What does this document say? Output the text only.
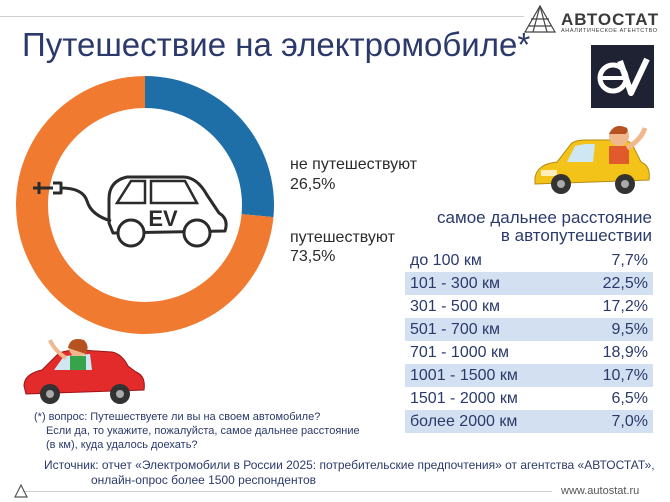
АВТОСТАТ
АНАЛИТИЧЕСКОЕ АГЕНТСТВО
Путешествие на электромобиле*
EV
не путешествуют
26,5%
путешествуют
73,5%
самое дальнее расстояние
в автопутешествии
до 100 км	7,7%
101 - 300 км	22,5%
301 - 500 км	17,2%
501 - 700 км	9,5%
701 - 1000 км	18,9%
1001 - 1500 км	10,7%
1501 - 2000 км	6,5%
более 2000 км	7,0%
(*) вопрос: Путешествуете ли вы на своем автомобиле?
Если да, то укажите, пожалуйста, самое дальнее расстояние
(в км), куда удалось доехать?
Источник: отчет «Электромобили в России 2025: потребительские предпочтения» от агентства «АВТОСТАТ»,
онлайн-опрос более 1500 респондентов
www.autostat.ru
